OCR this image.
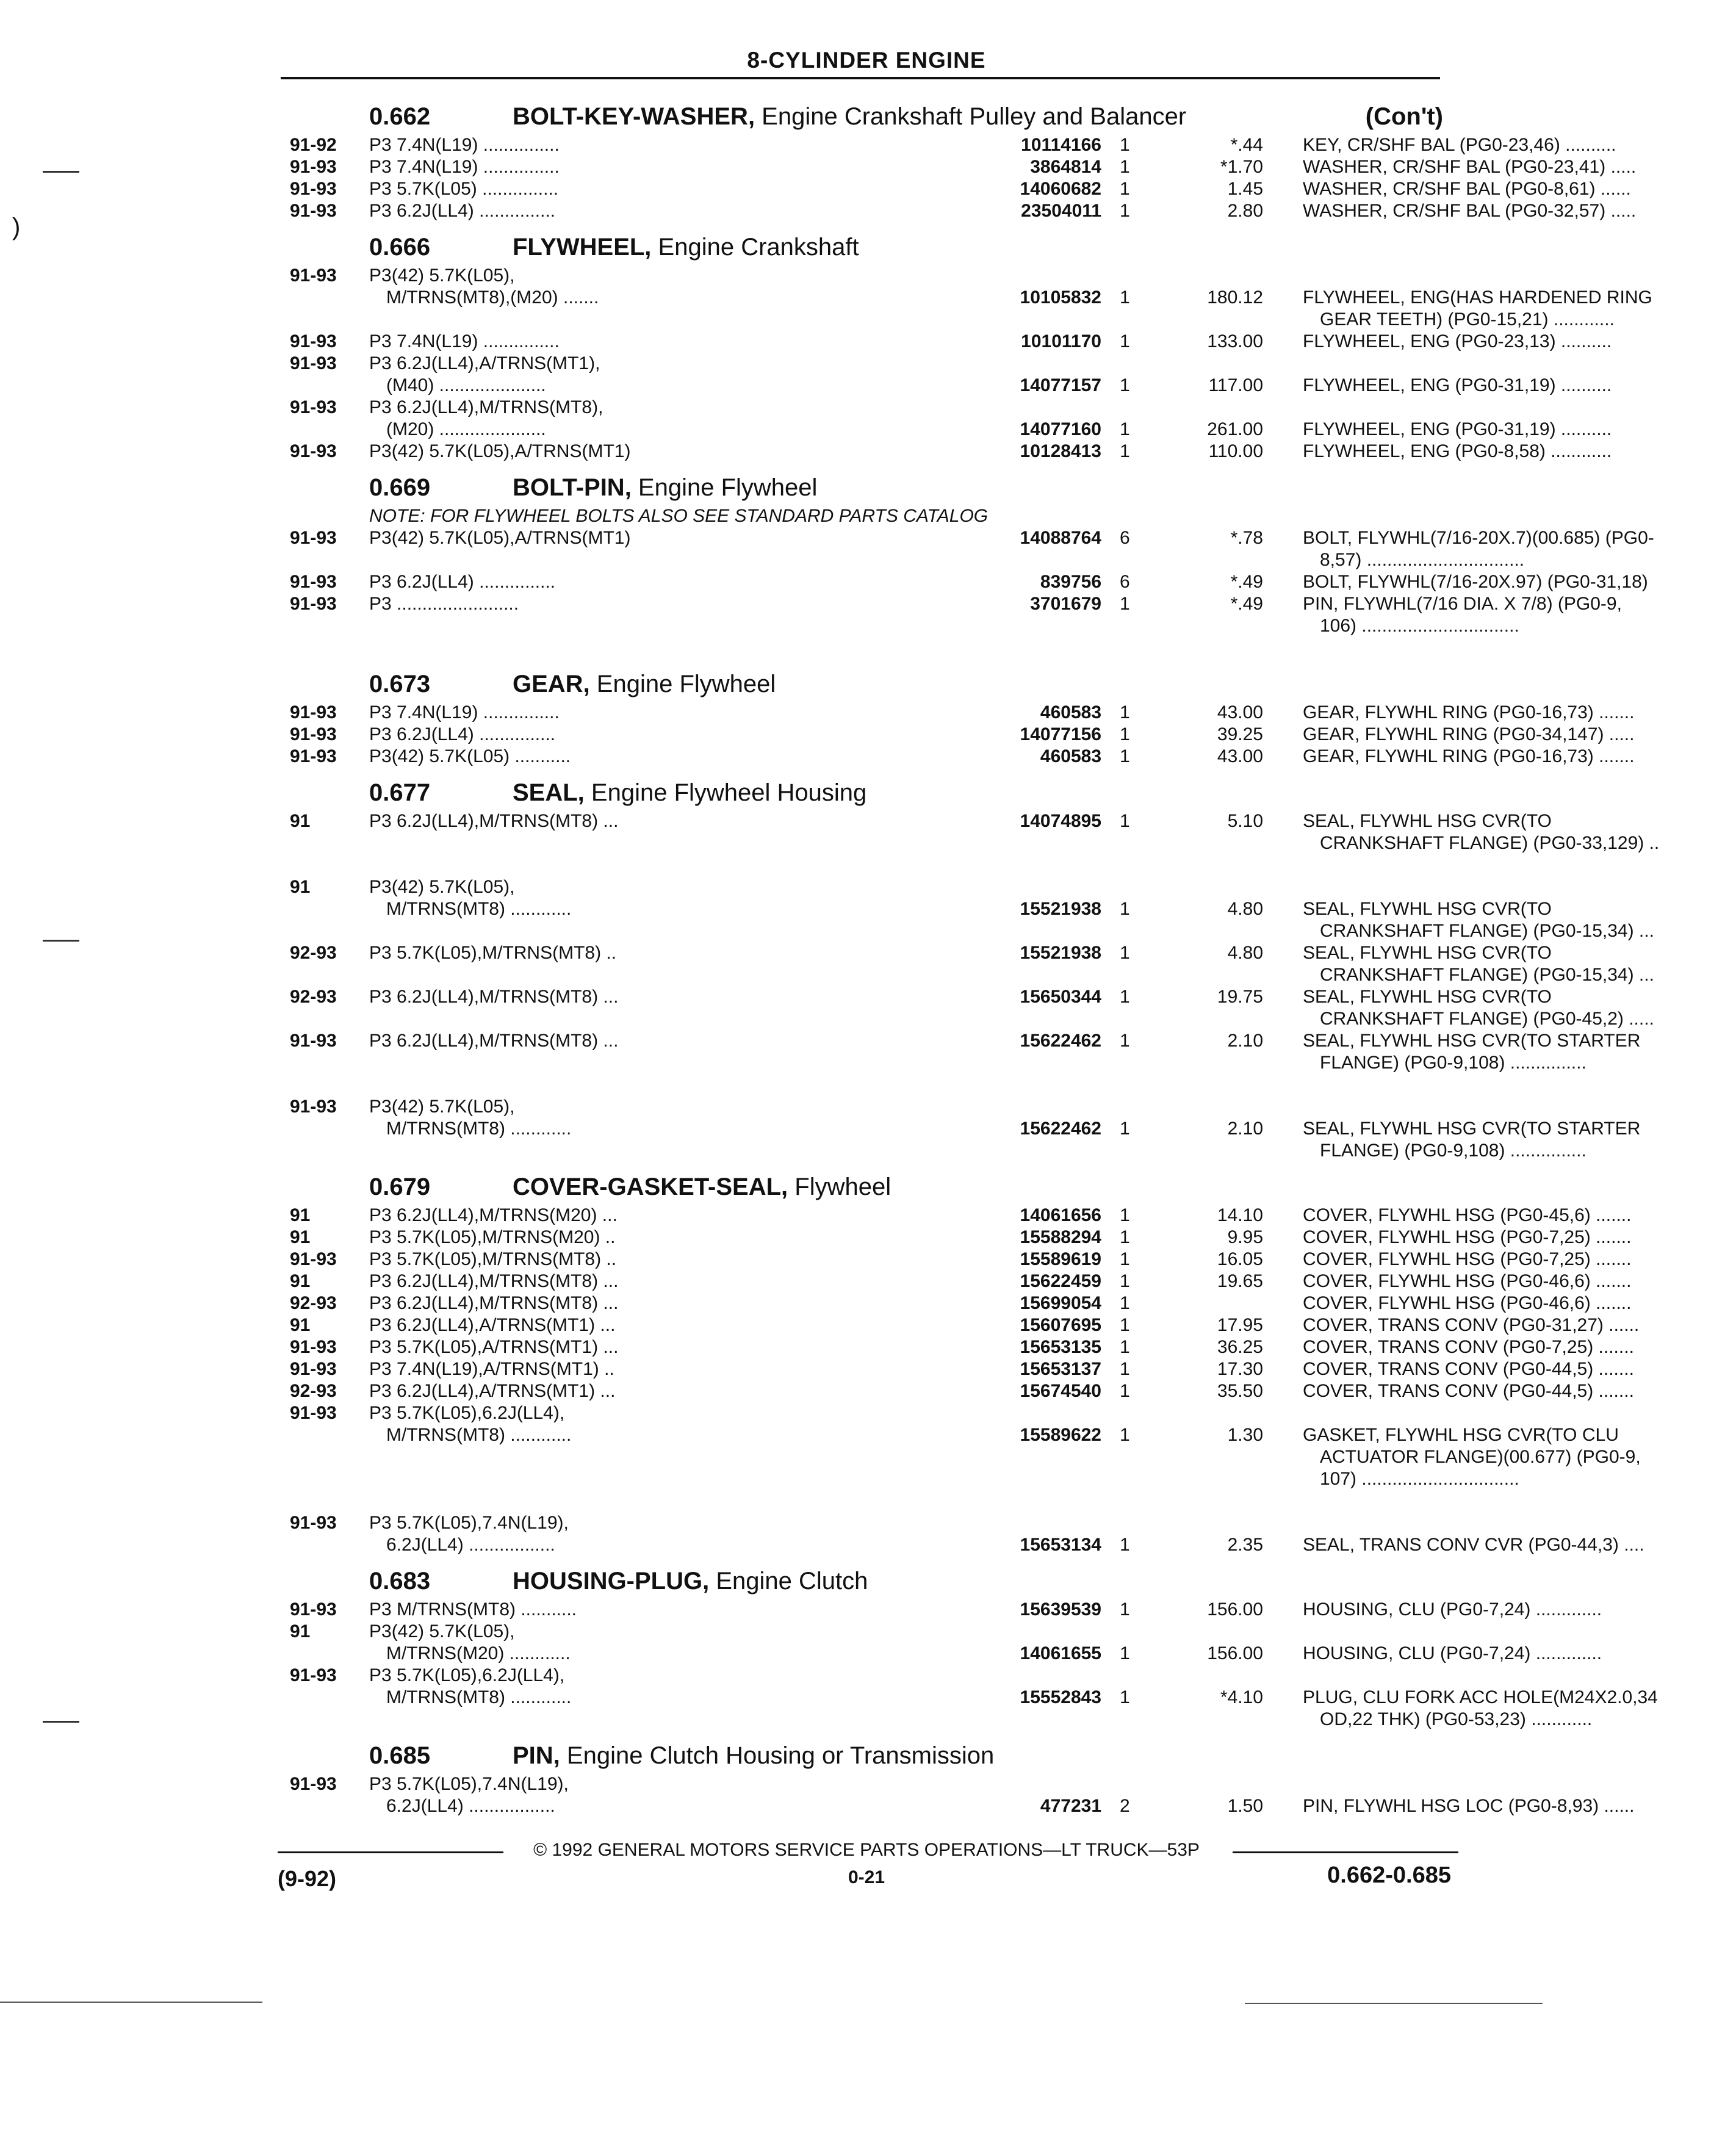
8-CYLINDER ENGINE
)
0.662	BOLT-KEY-WASHER, Engine Crankshaft Pulley and Balancer	(Con't)
91-92 P3 7.4N(L19) ...............	10114166 1	*.44 KEY, CR/SHF BAL (PG0-23,46) ..........
91-93 P3 7.4N(L19) ...............	3864814 1	*1.70 WASHER, CR/SHF BAL (PG0-23,41) .....
91-93 P3 5.7K(L05) ...............	14060682 1	1.45 WASHER, CR/SHF BAL (PG0-8,61) ......
91-93 P3 6.2J(LL4) ...............	23504011 1	2.80 WASHER, CR/SHF BAL (PG0-32,57) .....
0.666	FLYWHEEL, Engine Crankshaft
91-93 P3(42) 5.7K(L05),
M/TRNS(MT8),(M20) .......	10105832 1	180.12 FLYWHEEL, ENG(HAS HARDENED RING
GEAR TEETH) (PG0-15,21) ............
91-93 P3 7.4N(L19) ...............	10101170 1	133.00 FLYWHEEL, ENG (PG0-23,13) ..........
91-93 P3 6.2J(LL4),A/TRNS(MT1),
(M40) .....................	14077157 1	117.00 FLYWHEEL, ENG (PG0-31,19) ..........
91-93 P3 6.2J(LL4),M/TRNS(MT8),
(M20) .....................	14077160 1	261.00 FLYWHEEL, ENG (PG0-31,19) ..........
91-93 P3(42) 5.7K(L05),A/TRNS(MT1)	10128413 1	110.00 FLYWHEEL, ENG (PG0-8,58) ............
0.669	BOLT-PIN, Engine Flywheel
NOTE: FOR FLYWHEEL BOLTS ALSO SEE STANDARD PARTS CATALOG
91-93 P3(42) 5.7K(L05),A/TRNS(MT1)	14088764 6	*.78 BOLT, FLYWHL(7/16-20X.7)(00.685) (PG0-
8,57) ...............................
91-93 P3 6.2J(LL4) ...............	839756 6	*.49 BOLT, FLYWHL(7/16-20X.97) (PG0-31,18)
91-93 P3 ........................	3701679 1	*.49 PIN, FLYWHL(7/16 DIA. X 7/8) (PG0-9,
106) ...............................
0.673	GEAR, Engine Flywheel
91-93 P3 7.4N(L19) ...............	460583 1	43.00 GEAR, FLYWHL RING (PG0-16,73) .......
91-93 P3 6.2J(LL4) ...............	14077156 1	39.25 GEAR, FLYWHL RING (PG0-34,147) .....
91-93 P3(42) 5.7K(L05) ...........	460583 1	43.00 GEAR, FLYWHL RING (PG0-16,73) .......
0.677	SEAL, Engine Flywheel Housing
91	P3 6.2J(LL4),M/TRNS(MT8) ...	14074895 1	5.10 SEAL, FLYWHL HSG CVR(TO
CRANKSHAFT FLANGE) (PG0-33,129) ..
91	P3(42) 5.7K(L05),
M/TRNS(MT8) ............	15521938 1	4.80 SEAL, FLYWHL HSG CVR(TO
CRANKSHAFT FLANGE) (PG0-15,34) ...
92-93 P3 5.7K(L05),M/TRNS(MT8) ..	15521938 1	4.80 SEAL, FLYWHL HSG CVR(TO
CRANKSHAFT FLANGE) (PG0-15,34) ...
92-93 P3 6.2J(LL4),M/TRNS(MT8) ...	15650344 1	19.75 SEAL, FLYWHL HSG CVR(TO
CRANKSHAFT FLANGE) (PG0-45,2) .....
91-93 P3 6.2J(LL4),M/TRNS(MT8) ...	15622462 1	2.10 SEAL, FLYWHL HSG CVR(TO STARTER
FLANGE) (PG0-9,108) ...............
91-93 P3(42) 5.7K(L05),
M/TRNS(MT8) ............	15622462 1	2.10 SEAL, FLYWHL HSG CVR(TO STARTER
FLANGE) (PG0-9,108) ...............
0.679	COVER-GASKET-SEAL, Flywheel
91	P3 6.2J(LL4),M/TRNS(M20) ...	14061656 1	14.10 COVER, FLYWHL HSG (PG0-45,6) .......
91	P3 5.7K(L05),M/TRNS(M20) ..	15588294 1	9.95 COVER, FLYWHL HSG (PG0-7,25) .......
91-93 P3 5.7K(L05),M/TRNS(MT8) ..	15589619 1	16.05 COVER, FLYWHL HSG (PG0-7,25) .......
91	P3 6.2J(LL4),M/TRNS(MT8) ...	15622459 1	19.65 COVER, FLYWHL HSG (PG0-46,6) .......
92-93 P3 6.2J(LL4),M/TRNS(MT8) ...	15699054 1	COVER, FLYWHL HSG (PG0-46,6) .......
91	P3 6.2J(LL4),A/TRNS(MT1) ...	15607695 1	17.95 COVER, TRANS CONV (PG0-31,27) ......
91-93 P3 5.7K(L05),A/TRNS(MT1) ...	15653135 1	36.25 COVER, TRANS CONV (PG0-7,25) .......
91-93 P3 7.4N(L19),A/TRNS(MT1) ..	15653137 1	17.30 COVER, TRANS CONV (PG0-44,5) .......
92-93 P3 6.2J(LL4),A/TRNS(MT1) ...	15674540 1	35.50 COVER, TRANS CONV (PG0-44,5) .......
91-93 P3 5.7K(L05),6.2J(LL4),
M/TRNS(MT8) ............	15589622 1	1.30 GASKET, FLYWHL HSG CVR(TO CLU
ACTUATOR FLANGE)(00.677) (PG0-9,
107) ...............................
91-93 P3 5.7K(L05),7.4N(L19),
6.2J(LL4) .................	15653134 1	2.35 SEAL, TRANS CONV CVR (PG0-44,3) ....
0.683	HOUSING-PLUG, Engine Clutch
91-93 P3 M/TRNS(MT8) ...........	15639539 1	156.00 HOUSING, CLU (PG0-7,24) .............
91	P3(42) 5.7K(L05),
M/TRNS(M20) ............	14061655 1	156.00 HOUSING, CLU (PG0-7,24) .............
91-93 P3 5.7K(L05),6.2J(LL4),
M/TRNS(MT8) ............	15552843 1	*4.10 PLUG, CLU FORK ACC HOLE(M24X2.0,34
OD,22 THK) (PG0-53,23) ............
0.685	PIN, Engine Clutch Housing or Transmission
91-93 P3 5.7K(L05),7.4N(L19),
6.2J(LL4) .................	477231 2	1.50 PIN, FLYWHL HSG LOC (PG0-8,93) ......
© 1992 GENERAL MOTORS SERVICE PARTS OPERATIONS—LT TRUCK—53P
0-21
(9-92)	0.662-0.685
